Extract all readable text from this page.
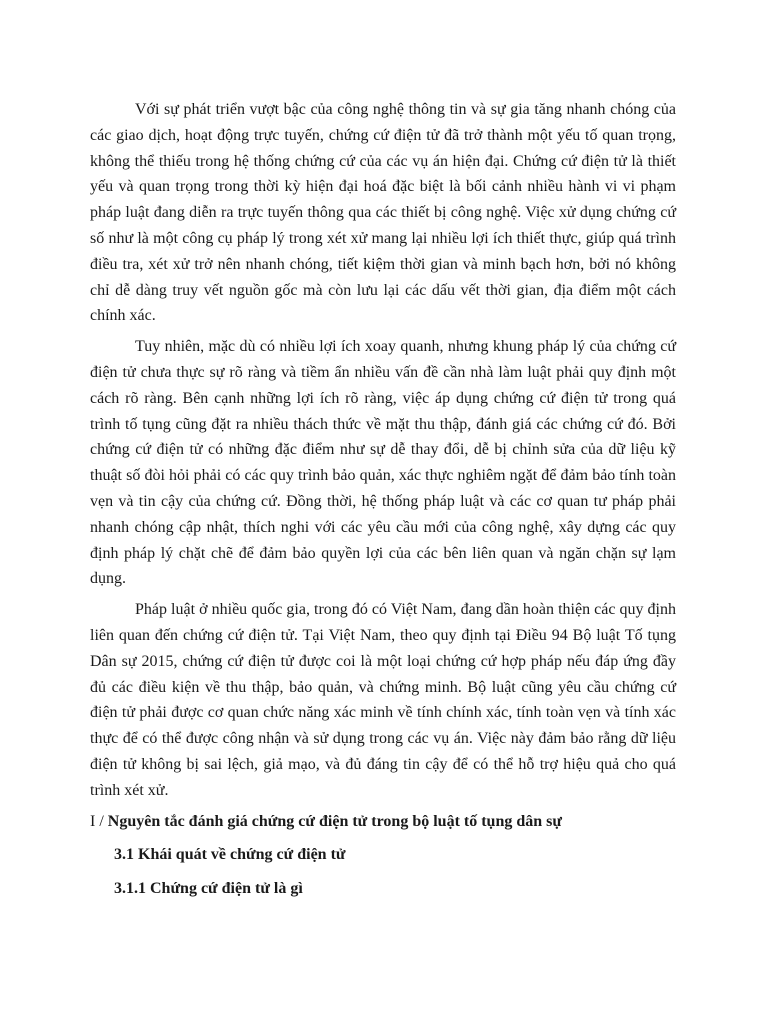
Với sự phát triển vượt bậc của công nghệ thông tin và sự gia tăng nhanh chóng của các giao dịch, hoạt động trực tuyến, chứng cứ điện tử đã trở thành một yếu tố quan trọng, không thể thiếu trong hệ thống chứng cứ của các vụ án hiện đại. Chứng cứ điện tử là thiết yếu và quan trọng trong thời kỳ hiện đại hoá đặc biệt là bối cảnh nhiều hành vi vi phạm pháp luật đang diễn ra trực tuyến thông qua các thiết bị công nghệ. Việc xử dụng chứng cứ số như là một công cụ pháp lý trong xét xử mang lại nhiều lợi ích thiết thực, giúp quá trình điều tra, xét xử trở nên nhanh chóng, tiết kiệm thời gian và minh bạch hơn, bởi nó không chỉ dễ dàng truy vết nguồn gốc mà còn lưu lại các dấu vết thời gian, địa điểm một cách chính xác.

Tuy nhiên, mặc dù có nhiều lợi ích xoay quanh, nhưng khung pháp lý của chứng cứ điện tử chưa thực sự rõ ràng và tiềm ẩn nhiều vấn đề cần nhà làm luật phải quy định một cách rõ ràng. Bên cạnh những lợi ích rõ ràng, việc áp dụng chứng cứ điện tử trong quá trình tố tụng cũng đặt ra nhiều thách thức về mặt thu thập, đánh giá các chứng cứ đó. Bởi chứng cứ điện tử có những đặc điểm như sự dễ thay đổi, dễ bị chỉnh sửa của dữ liệu kỹ thuật số đòi hỏi phải có các quy trình bảo quản, xác thực nghiêm ngặt để đảm bảo tính toàn vẹn và tin cậy của chứng cứ. Đồng thời, hệ thống pháp luật và các cơ quan tư pháp phải nhanh chóng cập nhật, thích nghi với các yêu cầu mới của công nghệ, xây dựng các quy định pháp lý chặt chẽ để đảm bảo quyền lợi của các bên liên quan và ngăn chặn sự lạm dụng.

Pháp luật ở nhiều quốc gia, trong đó có Việt Nam, đang dần hoàn thiện các quy định liên quan đến chứng cứ điện tử. Tại Việt Nam, theo quy định tại Điều 94 Bộ luật Tố tụng Dân sự 2015, chứng cứ điện tử được coi là một loại chứng cứ hợp pháp nếu đáp ứng đầy đủ các điều kiện về thu thập, bảo quản, và chứng minh. Bộ luật cũng yêu cầu chứng cứ điện tử phải được cơ quan chức năng xác minh về tính chính xác, tính toàn vẹn và tính xác thực để có thể được công nhận và sử dụng trong các vụ án. Việc này đảm bảo rằng dữ liệu điện tử không bị sai lệch, giả mạo, và đủ đáng tin cậy để có thể hỗ trợ hiệu quả cho quá trình xét xử.

I / Nguyên tắc đánh giá chứng cứ điện tử trong bộ luật tố tụng dân sự
3.1 Khái quát về chứng cứ điện tử
3.1.1 Chứng cứ điện tử là gì
